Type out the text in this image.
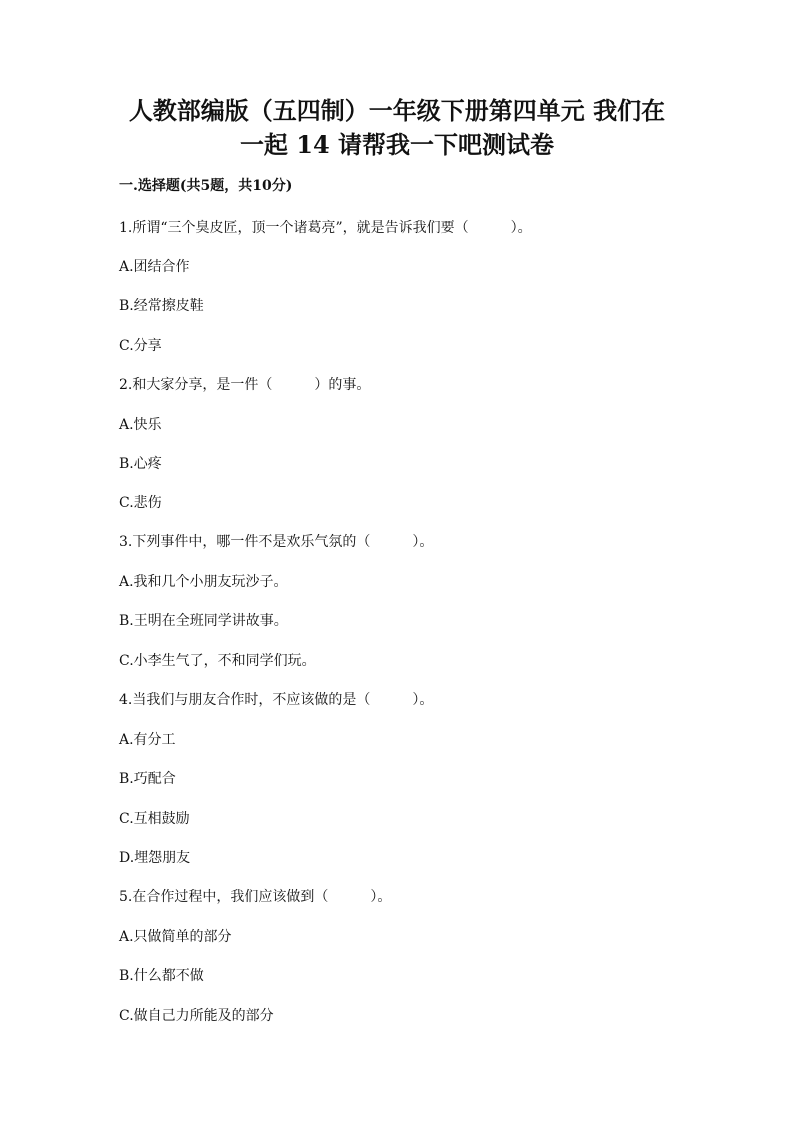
人教部编版（五四制）一年级下册第四单元 我们在
一起 14 请帮我一下吧测试卷

一.选择题(共5题，共10分)

1.所谓“三个臭皮匠，顶一个诸葛亮”，就是告诉我们要（　　　）。

A.团结合作

B.经常擦皮鞋

C.分享

2.和大家分享，是一件（　　　）的事。

A.快乐

B.心疼

C.悲伤

3.下列事件中，哪一件不是欢乐气氛的（　　　）。

A.我和几个小朋友玩沙子。

B.王明在全班同学讲故事。

C.小李生气了，不和同学们玩。

4.当我们与朋友合作时，不应该做的是（　　　）。

A.有分工

B.巧配合

C.互相鼓励

D.埋怨朋友

5.在合作过程中，我们应该做到（　　　）。

A.只做简单的部分

B.什么都不做

C.做自己力所能及的部分
